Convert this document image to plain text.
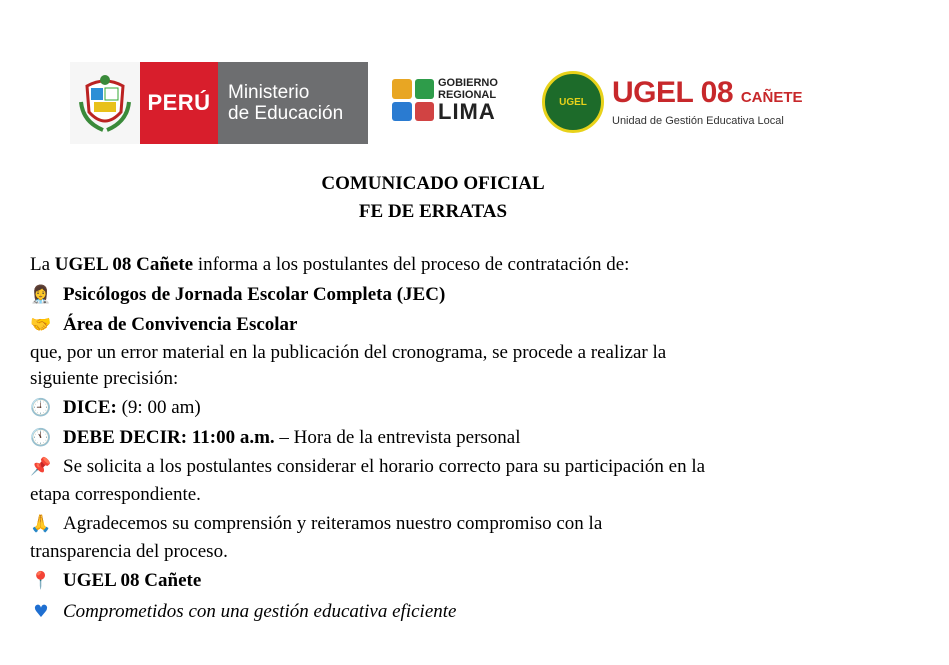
PERÚ Ministerio
de Educación
GOBIERNO
REGIONAL
LIMA	UGEL UGEL 08 CAÑETE
Unidad de Gestión Educativa Local
COMUNICADO OFICIAL
FE DE ERRATAS
La UGEL 08 Cañete informa a los postulantes del proceso de contratación de:
👩‍⚕️ Psicólogos de Jornada Escolar Completa (JEC)
🤝 Área de Convivencia Escolar
que, por un error material en la publicación del cronograma, se procede a realizar la
siguiente precisión:
🕘 DICE: (9: 00 am)
🕚 DEBE DECIR: 11:00 a.m. – Hora de la entrevista personal
📌 Se solicita a los postulantes considerar el horario correcto para su participación en la
etapa correspondiente.
🙏 Agradecemos su comprensión y reiteramos nuestro compromiso con la
transparencia del proceso.
📍 UGEL 08 Cañete
♥ Comprometidos con una gestión educativa eficiente
